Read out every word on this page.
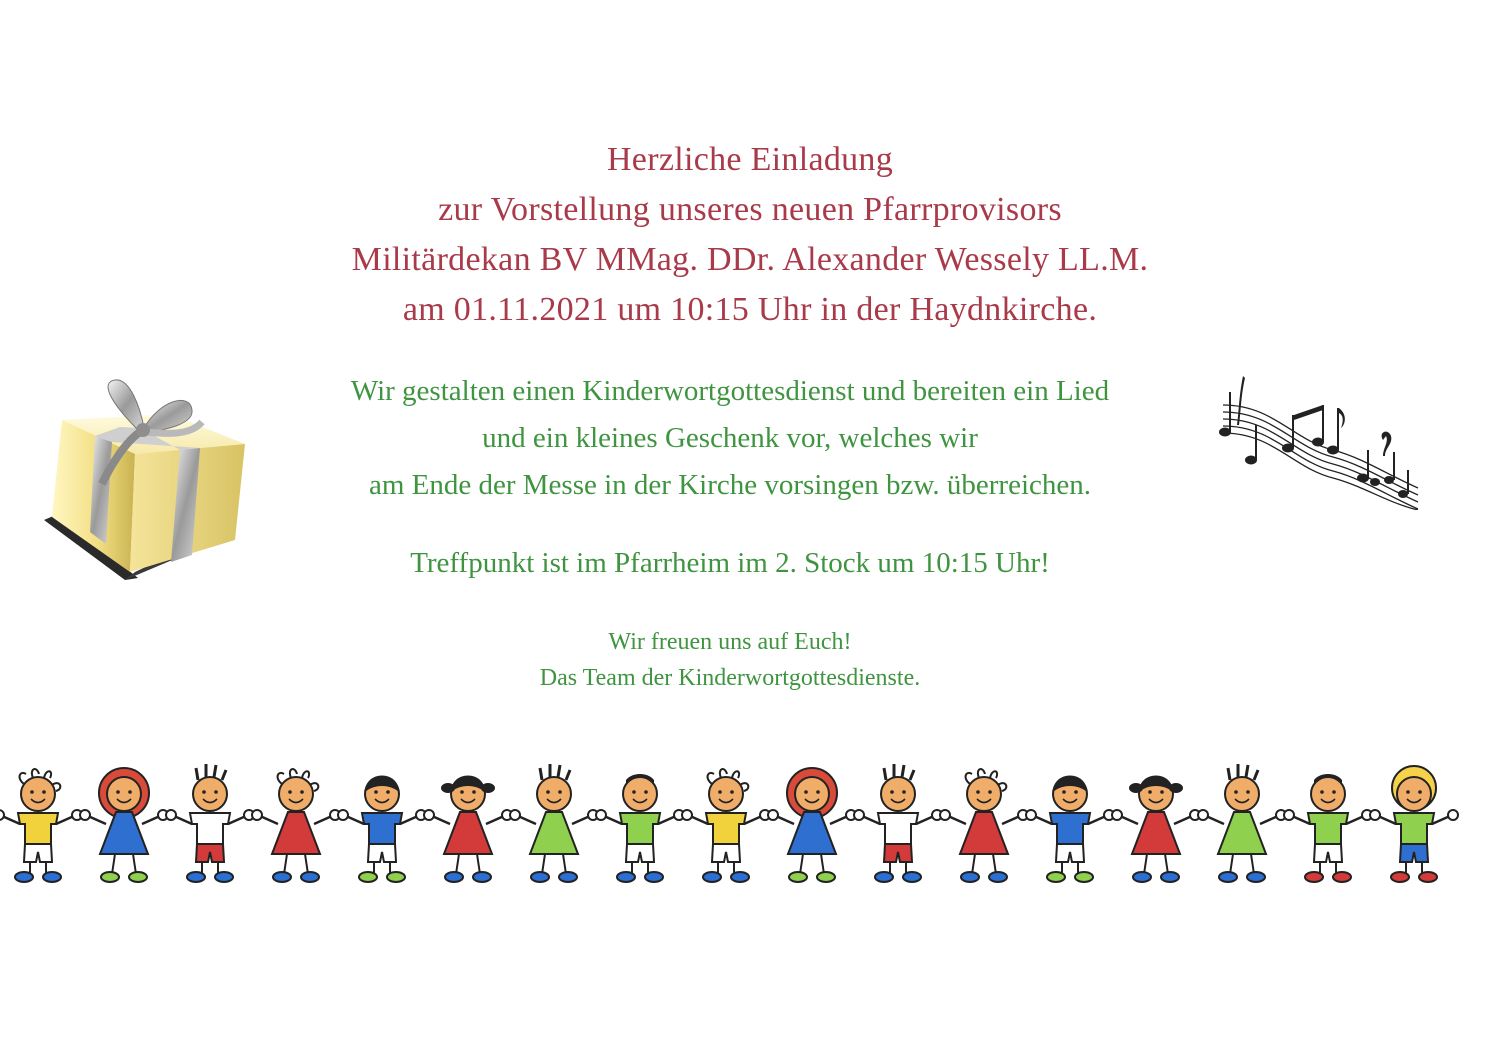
Herzliche Einladung
zur Vorstellung unseres neuen Pfarrprovisors
Militärdekan BV MMag. DDr. Alexander Wessely LL.M.
am 01.11.2021 um 10:15 Uhr in der Haydnkirche.
Wir gestalten einen Kinderwortgottesdienst und bereiten ein Lied
und ein kleines Geschenk vor, welches wir
am Ende der Messe in der Kirche vorsingen bzw. überreichen.
Treffpunkt ist im Pfarrheim im 2. Stock um 10:15 Uhr!
Wir freuen uns auf Euch!
Das Team der Kinderwortgottesdienste.
